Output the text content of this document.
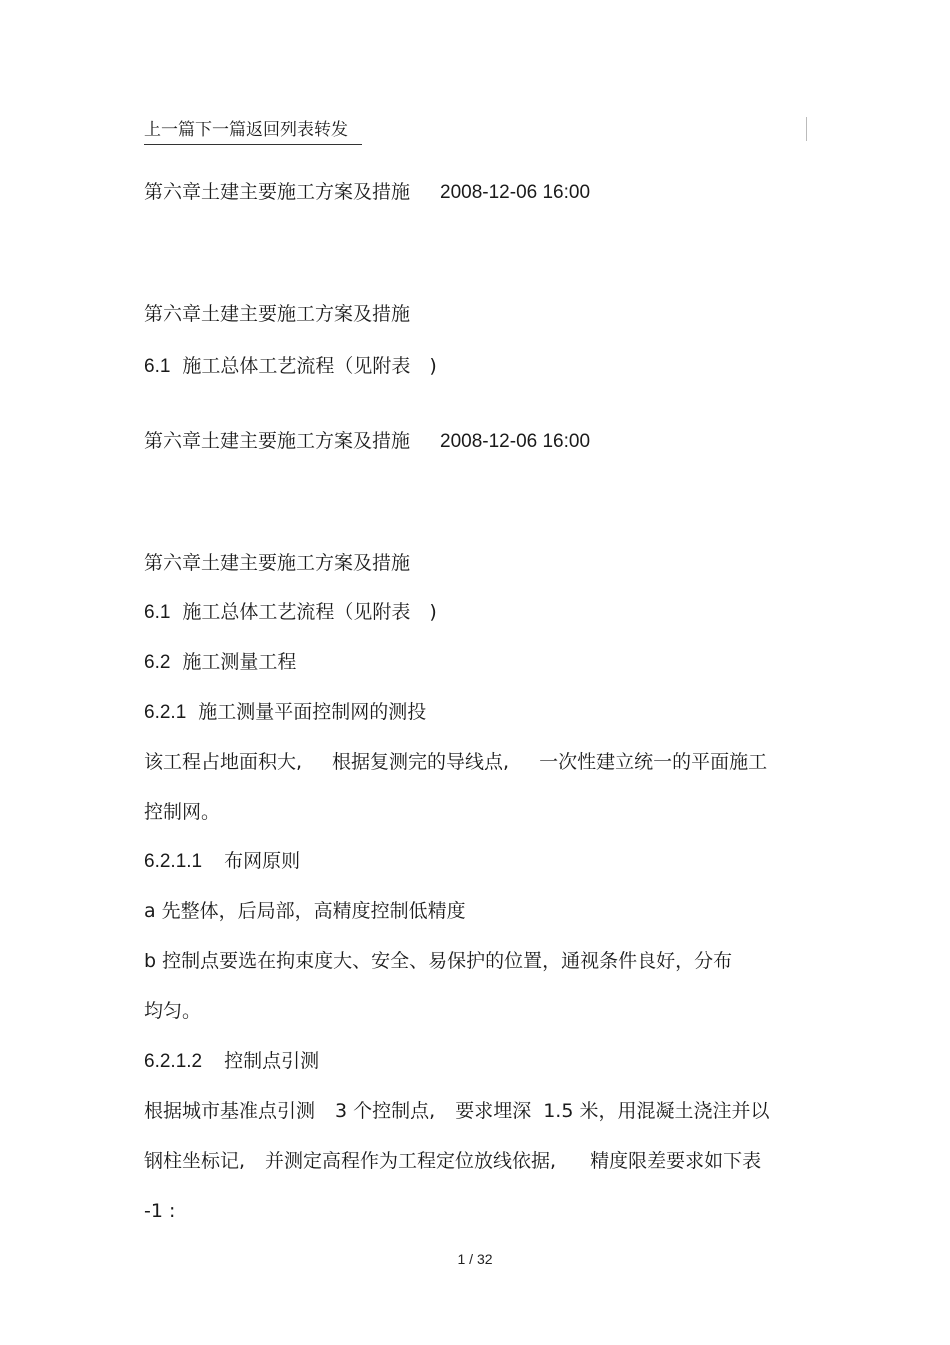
上一篇下一篇返回列表转发
第六章土建主要施工方案及措施 2008-12-06 16:00
第六章土建主要施工方案及措施
6.1 施工总体工艺流程（见附表　)
第六章土建主要施工方案及措施 2008-12-06 16:00
第六章土建主要施工方案及措施
6.1 施工总体工艺流程（见附表　)
6.2 施工测量工程
6.2.1 施工测量平面控制网的测投
该工程占地面积大, 根据复测完的导线点, 一次性建立统一的平面施工
控制网。
6.2.1.1 布网原则
a 先整体，后局部，高精度控制低精度
b 控制点要选在拘束度大、安全、易保护的位置，通视条件良好，分布
均匀。
6.2.1.2 控制点引测
根据城市基准点引测 3 个控制点, 要求埋深 1.5 米，用混凝土浇注并以
钢柱坐标记, 并测定高程作为工程定位放线依据, 精度限差要求如下表
-1 :
1 / 32
